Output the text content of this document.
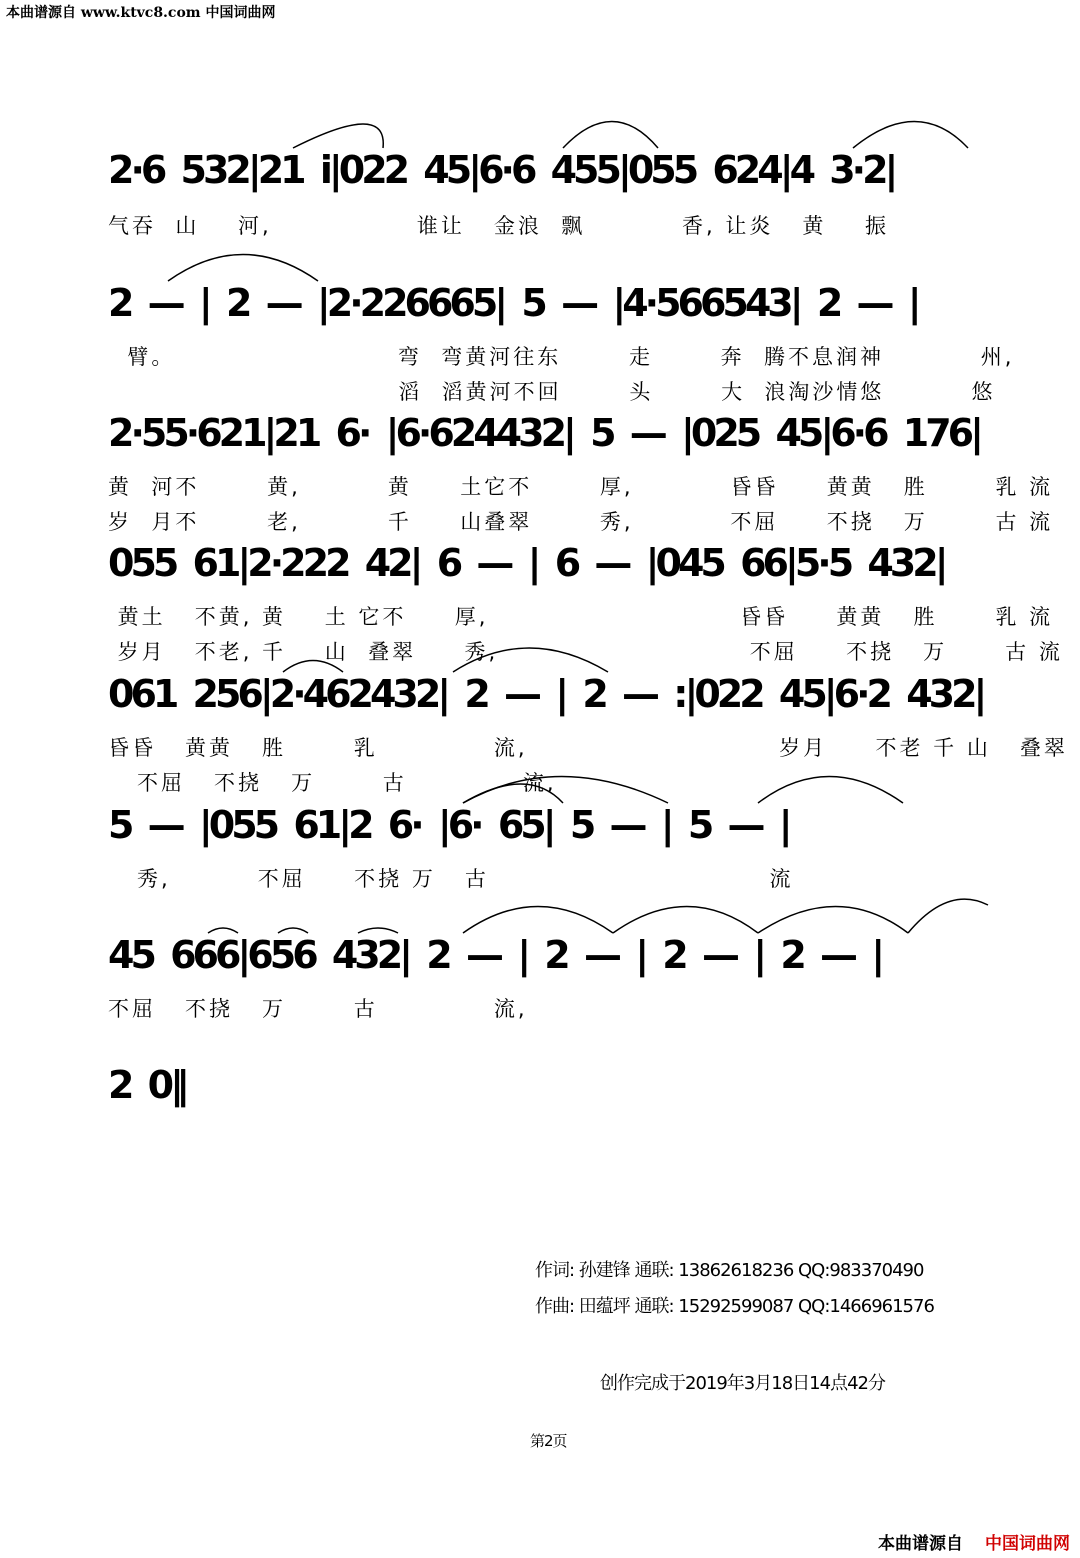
本曲谱源自 www.ktvc8.com 中国词曲网
2·6 532|21 i|022 45|6·6 455|055 624|4 3·2|
气吞  山    河,               谁让   金浪  飘          香, 让炎   黄    振
2 — | 2 — |2·226665| 5 — |4·566543| 2 — |
臂。                       弯  弯黄河往东       走       奔  腾不息润神          州,
滔  滔黄河不回       头       大  浪淘沙情悠         悠
2·55·621|21 6· |6·624432| 5 — |025 45|6·6 176|
黄  河不       黄,         黄     土它不       厚,          昏昏     黄黄   胜       乳 流
岁  月不       老,         千     山叠翠       秀,          不屈     不挠   万       古 流
055 61|2·222 42| 6 — | 6 — |045 66|5·5 432|
黄土   不黄, 黄    土 它不     厚,                          昏昏     黄黄   胜      乳 流
岁月   不老, 千    山  叠翠     秀,                          不屈     不挠   万      古 流
061 256|2·462432| 2 — | 2 — :|022 45|6·2 432|
昏昏   黄黄   胜       乳            流,                          岁月     不老 千 山   叠翠
不屈   不挠   万       古            流,
5 — |055 61|2 6· |6· 65| 5 — | 5 — |
秀,         不屈     不挠 万   古                             流
45 666|656 432| 2 — | 2 — | 2 — | 2 — |
不屈   不挠   万       古            流,
2 0‖
作词: 孙建锋 通联: 13862618236 QQ:983370490
作曲: 田蕴坪 通联: 15292599087 QQ:1466961576
创作完成于2019年3月18日14点42分
第2页
本曲谱源自 中国词曲网
